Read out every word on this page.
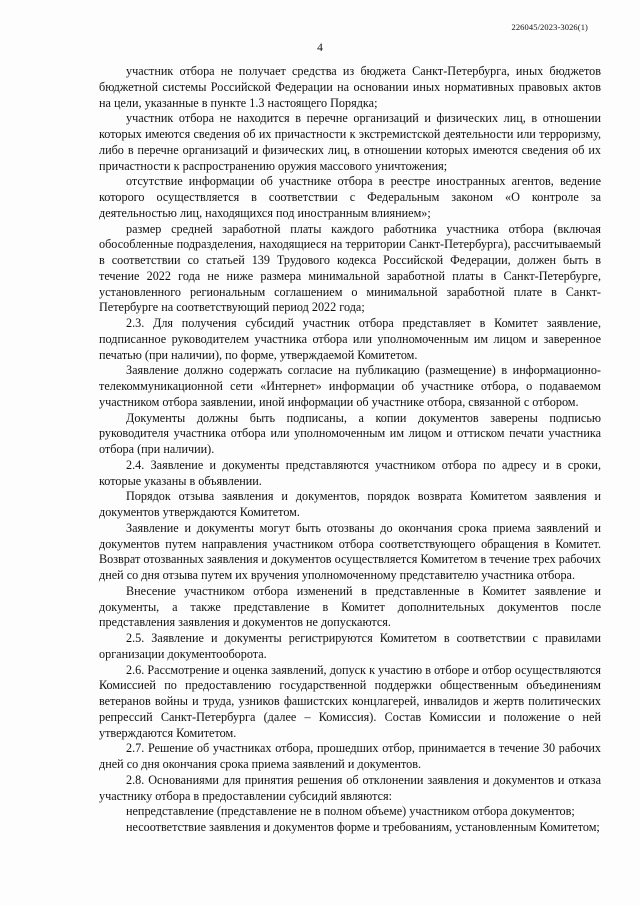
226045/2023-3026(1)
4

участник отбора не получает средства из бюджета Санкт-Петербурга, иных бюджетов бюджетной системы Российской Федерации на основании иных нормативных правовых актов на цели, указанные в пункте 1.3 настоящего Порядка;

участник отбора не находится в перечне организаций и физических лиц, в отношении которых имеются сведения об их причастности к экстремистской деятельности или терроризму, либо в перечне организаций и физических лиц, в отношении которых имеются сведения об их причастности к распространению оружия массового уничтожения;

отсутствие информации об участнике отбора в реестре иностранных агентов, ведение которого осуществляется в соответствии с Федеральным законом «О контроле за деятельностью лиц, находящихся под иностранным влиянием»;

размер средней заработной платы каждого работника участника отбора (включая обособленные подразделения, находящиеся на территории Санкт-Петербурга), рассчитываемый в соответствии со статьей 139 Трудового кодекса Российской Федерации, должен быть в течение 2022 года не ниже размера минимальной заработной платы в Санкт-Петербурге, установленного региональным соглашением о минимальной заработной плате в Санкт-Петербурге на соответствующий период 2022 года;

2.3. Для получения субсидий участник отбора представляет в Комитет заявление, подписанное руководителем участника отбора или уполномоченным им лицом и заверенное печатью (при наличии), по форме, утверждаемой Комитетом.

Заявление должно содержать согласие на публикацию (размещение) в информационно-телекоммуникационной сети «Интернет» информации об участнике отбора, о подаваемом участником отбора заявлении, иной информации об участнике отбора, связанной с отбором.

Документы должны быть подписаны, а копии документов заверены подписью руководителя участника отбора или уполномоченным им лицом и оттиском печати участника отбора (при наличии).

2.4. Заявление и документы представляются участником отбора по адресу и в сроки, которые указаны в объявлении.

Порядок отзыва заявления и документов, порядок возврата Комитетом заявления и документов утверждаются Комитетом.

Заявление и документы могут быть отозваны до окончания срока приема заявлений и документов путем направления участником отбора соответствующего обращения в Комитет. Возврат отозванных заявления и документов осуществляется Комитетом в течение трех рабочих дней со дня отзыва путем их вручения уполномоченному представителю участника отбора.

Внесение участником отбора изменений в представленные в Комитет заявление и документы, а также представление в Комитет дополнительных документов после представления заявления и документов не допускаются.

2.5. Заявление и документы регистрируются Комитетом в соответствии с правилами организации документооборота.

2.6. Рассмотрение и оценка заявлений, допуск к участию в отборе и отбор осуществляются Комиссией по предоставлению государственной поддержки общественным объединениям ветеранов войны и труда, узников фашистских концлагерей, инвалидов и жертв политических репрессий Санкт-Петербурга (далее – Комиссия). Состав Комиссии и положение о ней утверждаются Комитетом.

2.7. Решение об участниках отбора, прошедших отбор, принимается в течение 30 рабочих дней со дня окончания срока приема заявлений и документов.

2.8. Основаниями для принятия решения об отклонении заявления и документов и отказа участнику отбора в предоставлении субсидий являются:

непредставление (представление не в полном объеме) участником отбора документов;

несоответствие заявления и документов форме и требованиям, установленным Комитетом;
